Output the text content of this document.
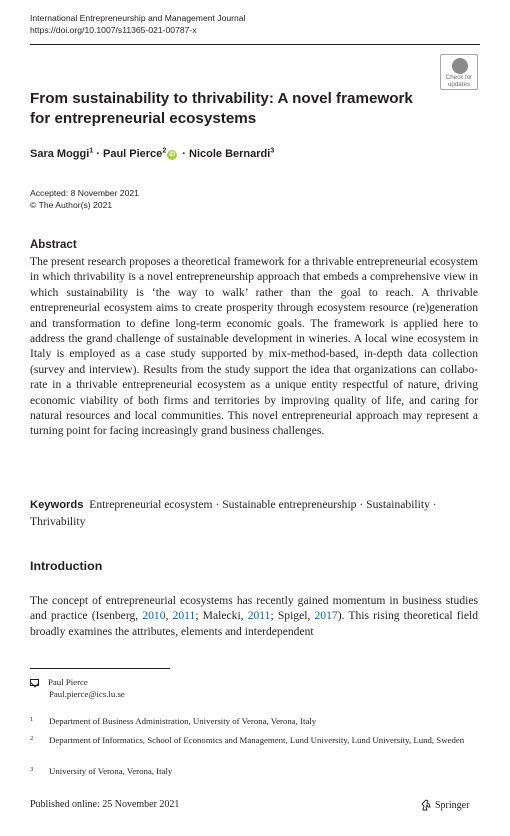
International Entrepreneurship and Management Journal
https://doi.org/10.1007/s11365-021-00787-x
Check for
updates
From sustainability to thrivability: A novel framework for entrepreneurial ecosystems
Sara Moggi$^1$ · Paul Pierce$^2$iD · Nicole Bernardi$^3$
Accepted: 8 November 2021
© The Author(s) 2021
Abstract

The present research proposes a theoretical framework for a thrivable entrepreneurial ecosystem in which thrivability is a novel entrepreneurship approach that embeds a comprehensive view in which sustainability is ‘the way to walk’ rather than the goal to reach. A thrivable entrepreneurial ecosystem aims to create prosperity through ecosystem resource (re)generation and transformation to define long-term economic goals. The framework is applied here to address the grand challenge of sustainable development in wineries. A local wine ecosystem in Italy is employed as a case study supported by mix-method-based, in-depth data collection (survey and interview). Results from the study support the idea that organizations can collaborate in a thrivable entrepreneurial ecosystem as a unique entity respectful of nature, driving economic viability of both firms and territories by improving quality of life, and caring for natural resources and local communities. This novel entrepreneurial approach may represent a turning point for facing increasingly grand business challenges.

Keywords Entrepreneurial ecosystem · Sustainable entrepreneurship · Sustainability · Thrivability
Introduction

The concept of entrepreneurial ecosystems has recently gained momentum in business studies and practice (Isenberg, 2010, 2011; Malecki, 2011; Spigel, 2017). This rising theoretical field broadly examines the attributes, elements and interdependent

Paul Pierce
Paul.pierce@ics.lu.se
1	Department of Business Administration, University of Verona, Verona, Italy
2	Department of Informatics, School of Economics and Management, Lund University, Lund University, Lund, Sweden
3	University of Verona, Verona, Italy
Published online: 25 November 2021	Springer
